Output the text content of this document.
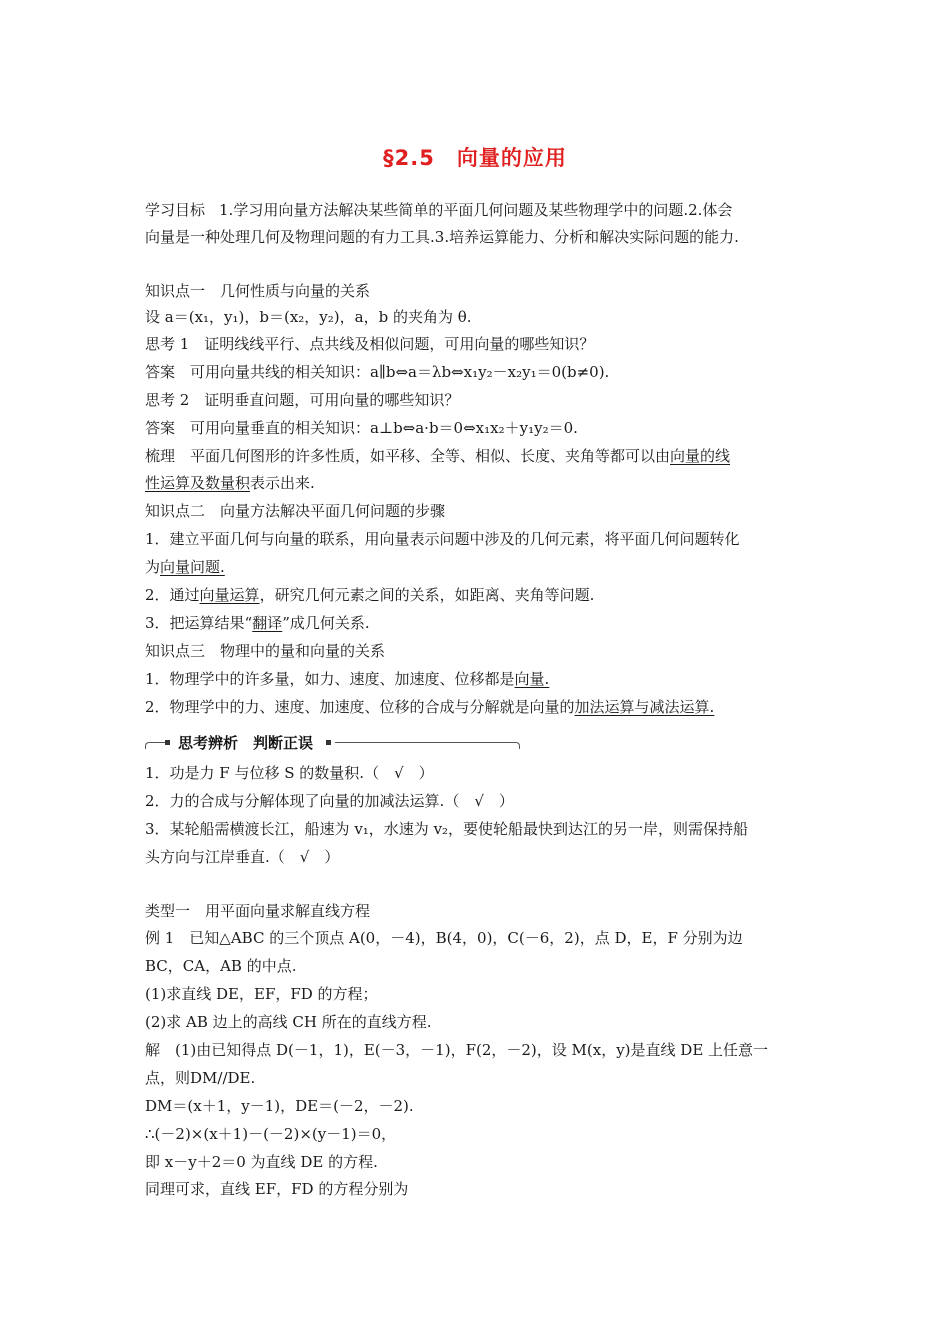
§2.5　向量的应用
学习目标 1.学习用向量方法解决某些简单的平面几何问题及某些物理学中的问题.2.体会
向量是一种处理几何及物理问题的有力工具.3.培养运算能力、分析和解决实际问题的能力.
知识点一　几何性质与向量的关系
设 a＝(x₁，y₁)，b＝(x₂，y₂)，a，b 的夹角为 θ.
思考 1　证明线线平行、点共线及相似问题，可用向量的哪些知识？
答案　可用向量共线的相关知识：a∥b⇔a＝λb⇔x₁y₂－x₂y₁＝0(b≠0).
思考 2　证明垂直问题，可用向量的哪些知识？
答案　可用向量垂直的相关知识：a⊥b⇔a·b＝0⇔x₁x₂＋y₁y₂＝0.
梳理　平面几何图形的许多性质，如平移、全等、相似、长度、夹角等都可以由向量的线
性运算及数量积表示出来.
知识点二　向量方法解决平面几何问题的步骤
1．建立平面几何与向量的联系，用向量表示问题中涉及的几何元素，将平面几何问题转化
为向量问题.
2．通过向量运算，研究几何元素之间的关系，如距离、夹角等问题.
3．把运算结果“翻译”成几何关系.
知识点三　物理中的量和向量的关系
1．物理学中的许多量，如力、速度、加速度、位移都是向量.
2．物理学中的力、速度、加速度、位移的合成与分解就是向量的加法运算与减法运算.
思考辨析　判断正误
1．功是力 F 与位移 S 的数量积.（　√　）
2．力的合成与分解体现了向量的加减法运算.（　√　）
3．某轮船需横渡长江，船速为 v₁，水速为 v₂，要使轮船最快到达江的另一岸，则需保持船
头方向与江岸垂直.（　√　）
类型一　用平面向量求解直线方程
例 1　已知△ABC 的三个顶点 A(0，－4)，B(4，0)，C(－6，2)，点 D，E，F 分别为边
BC，CA，AB 的中点.
(1)求直线 DE，EF，FD 的方程；
(2)求 AB 边上的高线 CH 所在的直线方程.
解　(1)由已知得点 D(－1，1)，E(－3，－1)，F(2，－2)，设 M(x，y)是直线 DE 上任意一
点，则DM//DE.
DM＝(x＋1，y－1)，DE＝(－2，－2).
∴(－2)×(x＋1)－(－2)×(y－1)＝0，
即 x－y＋2＝0 为直线 DE 的方程.
同理可求，直线 EF，FD 的方程分别为
